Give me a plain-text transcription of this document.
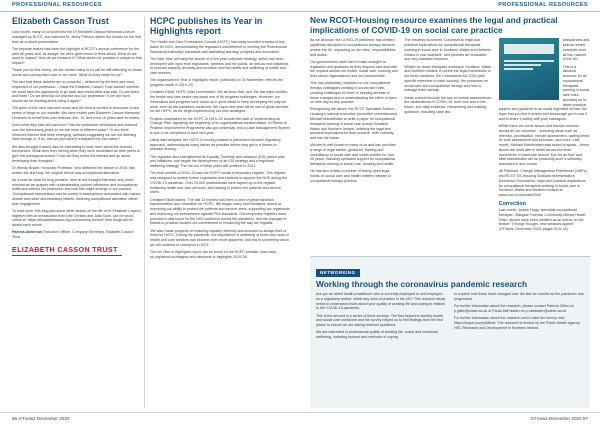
PROFESSIONAL RESOURCES
Elizabeth Casson Trust

Last month, many of us tuned into the Dr Elizabeth Casson Memorial Lecture, managed by RCOT, and watched Dr Jenny Preston deliver the lecture for the first time as a virtual presentation.

The keynote lecture has been the highlight of RCOT's annual conference for the past 46 years and, as always, we were given much to think about. What do we need to impact? How do we measure it? What about our practice is unique to that impact?

Thank you for this Jenny, we are certain many of us will be still reflecting on those words and turning them over in our mind: 'What do they mean for us?'

The fact that these lectures are so powerful – delivered by the best and most respected of our profession – made the Elizabeth Casson Trust wonder whether we could take the opportunity to go back and revisit what was said. Do we listen and learn? Do we develop our practice and our profession? If we did more, should we be thinking about doing it again?

The germ of this idea has been sown and the trust is excited to announce a new series of blogs on our website. We have invited past Elizabeth Casson Memorial Lecturers to revisit their own lectures, five, 10, and even 15 years later to review.

Does what they said still hold true? Has the profession developed and matured over the intervening years so we are more in different place? Or are there recurrent themes that keep emerging, perhaps suggesting we are not listening hard enough or, if so, that we just haven't translated this into action?

We also thought it would also be interesting to hear more about the lectures themselves. What were they feeling when they were nominated for their peers to give this prestigious lecture? How did they select the themes and go about developing their thoughts?

Dr Wendy Bryant, Honorary Professor, who delivered her lecture in 2016, has written the first blog; her original theme was occupational alienation.

As a trust for what for blog pointers, here is one thought that feels very much relevant as we grapple with understanding cultural influences and occupational shifts and without our profession and how this might emerge in our practice. 'Occupational interventions can be rooted in assumptions associated with racism, sexism and other discriminatory beliefs, fostering occupational alienation rather than engagement.'

To read more, this blog and some other stories on the life of Dr Elizabeth Casson, together with an introduction from Dee Christie and Julia Scott, can be found online at: https://elizabethcasson.org.uk/memorial-lecture/ New blogs will be added each month.

Pamela Anderson Executive Officer, Company Secretary, Elizabeth Casson Trust

ELIZABETH CASSON TRUST
HCPC publishes its Year in Highlights report

The Health and Care Professions Council (HCPC) has today unveiled a series of key dates for 2021, demonstrating the regulator's commitment to meeting the Professional Standards Authority's standards and facilitating learning, progress and innovation.

The New Year will bring the launch of a five-year corporate strategy, which has been developed with input from registrants, partners and the public, as well as new initiatives to promote equality, diversity and inclusion and the health and wellbeing of health and care workers.

The organisation's Year in Highlights report, published on 30 November, reflects the progress made in 2019–20.

Christine Elliott, HCPC chair commented: 'We all know that, over the last eight months, the health and care sector has faced one of its toughest challenges. However, our innovations and progress have stood us in good stead to keep developing the way we work, even as the pandemic continues. We hope next year will be one of great success for the HCPC, as we begin implementing our new strategies.'

Projects undertaken by the HCPC in 2019–20 include the start of implementing its Change Plan, signalling the beginning of its organisational transformation. A Fitness to Practise Improvement Programme also got underway, and a Case Management System is due to be completed in April next year.

Using data analysis, the HCPC is moving towards a prevention-focused regulatory approach, addressing as many issues as possible before they get to a fitness to practise hearing.

The regulator also strengthened its Equality, Diversity and Inclusion (EDI) action plan and initiatives, and began the development of an EDI strategy and a registrant wellbeing strategy. The roll-out of these plans will continue in 2021.

The final months of 2019–20 saw the HCPC create a temporary register. This register was designed to enable former registrants and students to support the NHS during the COVID-19 pandemic. Over 25,000 professionals were signed up to the register, bolstering health and care services, and helping to protect the patients and service users.

Christine Elliott added: 'The last 12 months has been a year of great transition, transformation and innovation for HCPC. We began many new initiatives, aimed at improving our ability to protect the patients and service users, supporting our registrants and improving our performance against PSA standards. Our temporary registers have provided a vital boost for the NHS workforce during the pandemic, and the changes to fitness to practise showed our commitment to enhancing the way we regulate.

'We also made progress on ensuring equality, diversity and inclusion is always front of mind for HCPC. During the pandemic, the importance of wellbeing of those who work in health and care services has become even more apparent, and this is something which we will continue to champion in 2021.'

The full Year in Highlights report can be found on the HCPC website: www.hcpc-uk.org/about-us/insights-and-data/year-in-highlights-2019-20/

86 OTnews December 2020
PROFESSIONAL RESOURCES
New RCOT-Housing resource examines the legal and practical implications of COVID-19 on social care practice

As we all know, the COVID-19 pandemic has created significant disruption to occupational therapy services across the UK, impacting on our roles, responsibilities and duties.

Our governments have had to make changes to legislation and guidance as they respond and deal with the impacts across our health, social care, housing and third sector organisations and our communities.

This has particularly impacted on our occupational therapy colleagues working in social care roles, creating challenges for them in keeping abreast of these changes and in understanding the effect of them on their day-to-day practice.

Recognising the above, the RCOT Specialist Section – Housing's national executive committee commissioned Michael Mandelstam to write a paper for occupational therapists working in social care across Scotland, Wales and Northern Ireland, outlining the legal and practical implications for their practice, both currently and into the future.

Michael is well known to many of us and has provided a range of legal advice, guidance, training and consultancy to social care and health entities for over 25 years, including specialist support for occupational therapists working in social care, housing and health.

He has also written a number of widely-used legal books on social care and health matters relevant to occupational therapy practice.

The resulting document, Coronavirus: legal and practical implications for occupational therapists working in social care in Scotland, Wales and Northern Ireland is now available, and provides an invaluable and very readable resource.

Written for those therapists working in Scotland, Wales and Northern Ireland, it covers the legal frameworks in the three countries, the Coronavirus Act 2020 (with specific reference to each country), the pressures on social care and occupational therapy and how to manage them lawfully.

Areas covered include the use of remote assessments, the ramifications of COVID-19, both now and in the future, and daily evidence, researching and existing guidance, including case law.

ambulances and judicial review examples from all four nations of the UK.

This is a fabulous resource for all occupational therapists working in social care roles, providing an in-depth practical support and guidance in an easily digestible format. We hope that you find it helpful and encourage you to use it and to share it widely with your colleagues.

Whilst there are some issues and themes common across all our countries – including areas such as referrals, prioritisation, remote assessment, waiting times for both assessment and provision, and more. Last month, Michael Mandelstam was asked to speak – these issues are dealt with in detail across the three documents; in particular around 'Eye for an Eye' and Mike Mandelstam will be producing such a summary document in due course.

Jill Pritchard, Change Management Practitioner (AHPs), and RCOT SS-Housing Scotland representative. Download Coronavirus: legal and practical implications for occupational therapists working in social care in Scotland, Wales and Northern Ireland at: www.rcot.co.uk/node/3940

Correction

Last month, Jeanie Hogg, specialist occupational therapist, Glasgow Forensic Community Mental Health Team, should have been credited as an author on the feature 'Through thought, new windows appear' (OTnews, December 2020, pages 30 to 33).

NETWORKING
Working through the coronavirus pandemic research

Are you an allied health practitioner who is currently employed or self-employed as a regulatory worker, within any area of practice in the UK? This research study seeks to understand more about your quality of working life and coping in relation to the COVID-19 pandemic.

This is the second in a series of three surveys: The first helped to identify health and social care workforce and the survey helped us to find findings from the first phase to ensure we are asking relevant questions.

We are interested in professional quality of working life, social and emotional wellbeing, including burnout and methods of coping

to explore how these have changed over the last six months as the pandemic has progressed.

For further information about the research, please contact Patricia Gillen on p.gillen@ulster.ac.uk or Paula McFadden on p.mcfadden@ulster.ac.uk

For further information about the research and to take the survey visit: https://tinyurl.com/y6l8trwt. The research is funded by the Public Health Agency HSC Research and Development in Northern Ireland.

OTnews December 2020 87
